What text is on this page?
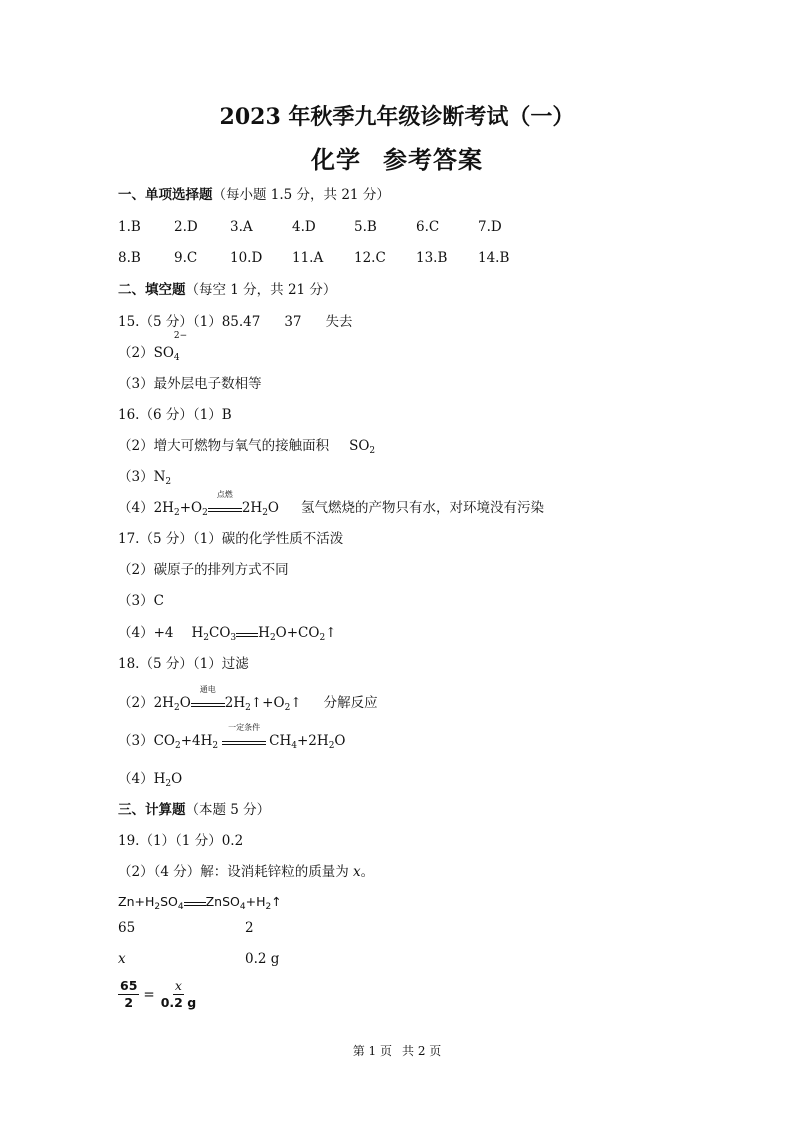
2023 年秋季九年级诊断考试（一）
化学 参考答案
一、单项选择题（每小题 1.5 分，共 21 分）
1.B 2.D 3.A	4.D	5.B	6.C	7.D
8.B 9.C 10.D 11.A 12.C 13.B 14.B
二、填空题（每空 1 分，共 21 分）
15.（5 分）（1）85.47 37 失去
（2）SO
2−
$_4$
（3）最外层电子数相等
16.（6 分）（1）B
（2）增大可燃物与氧气的接触面积 $SO_2$
$(3)N_2$
$(4)2H_2+O_2$
点燃
$2H_2O$ 氢气燃烧的产物只有水，对环境没有污染
17.（5 分）（1）碳的化学性质不活泼
（2）碳原子的排列方式不同
（3）C
（4）+4 $H_2CO_3$ $H_2O+CO_2↑$
18.（5 分）（1）过滤
$(2)2H_2O$
通电
$2H_2↑+O_2↑$ 分解反应
$(3)CO_2+4H_2$
一定条件
$CH_4+2H_2O$
$(4)H_2O$
三、计算题（本题 5 分）
19.（1）（1 分）0.2
（2）（4 分）解：设消耗锌粒的质量为 x。
$Zn+H_2SO_4$ $ZnSO_4+H_2↑$
65	2
x	0.2 g
$\frac{65}{2} = \frac{x}{0.2 g}$
第 1 页 共 2 页
